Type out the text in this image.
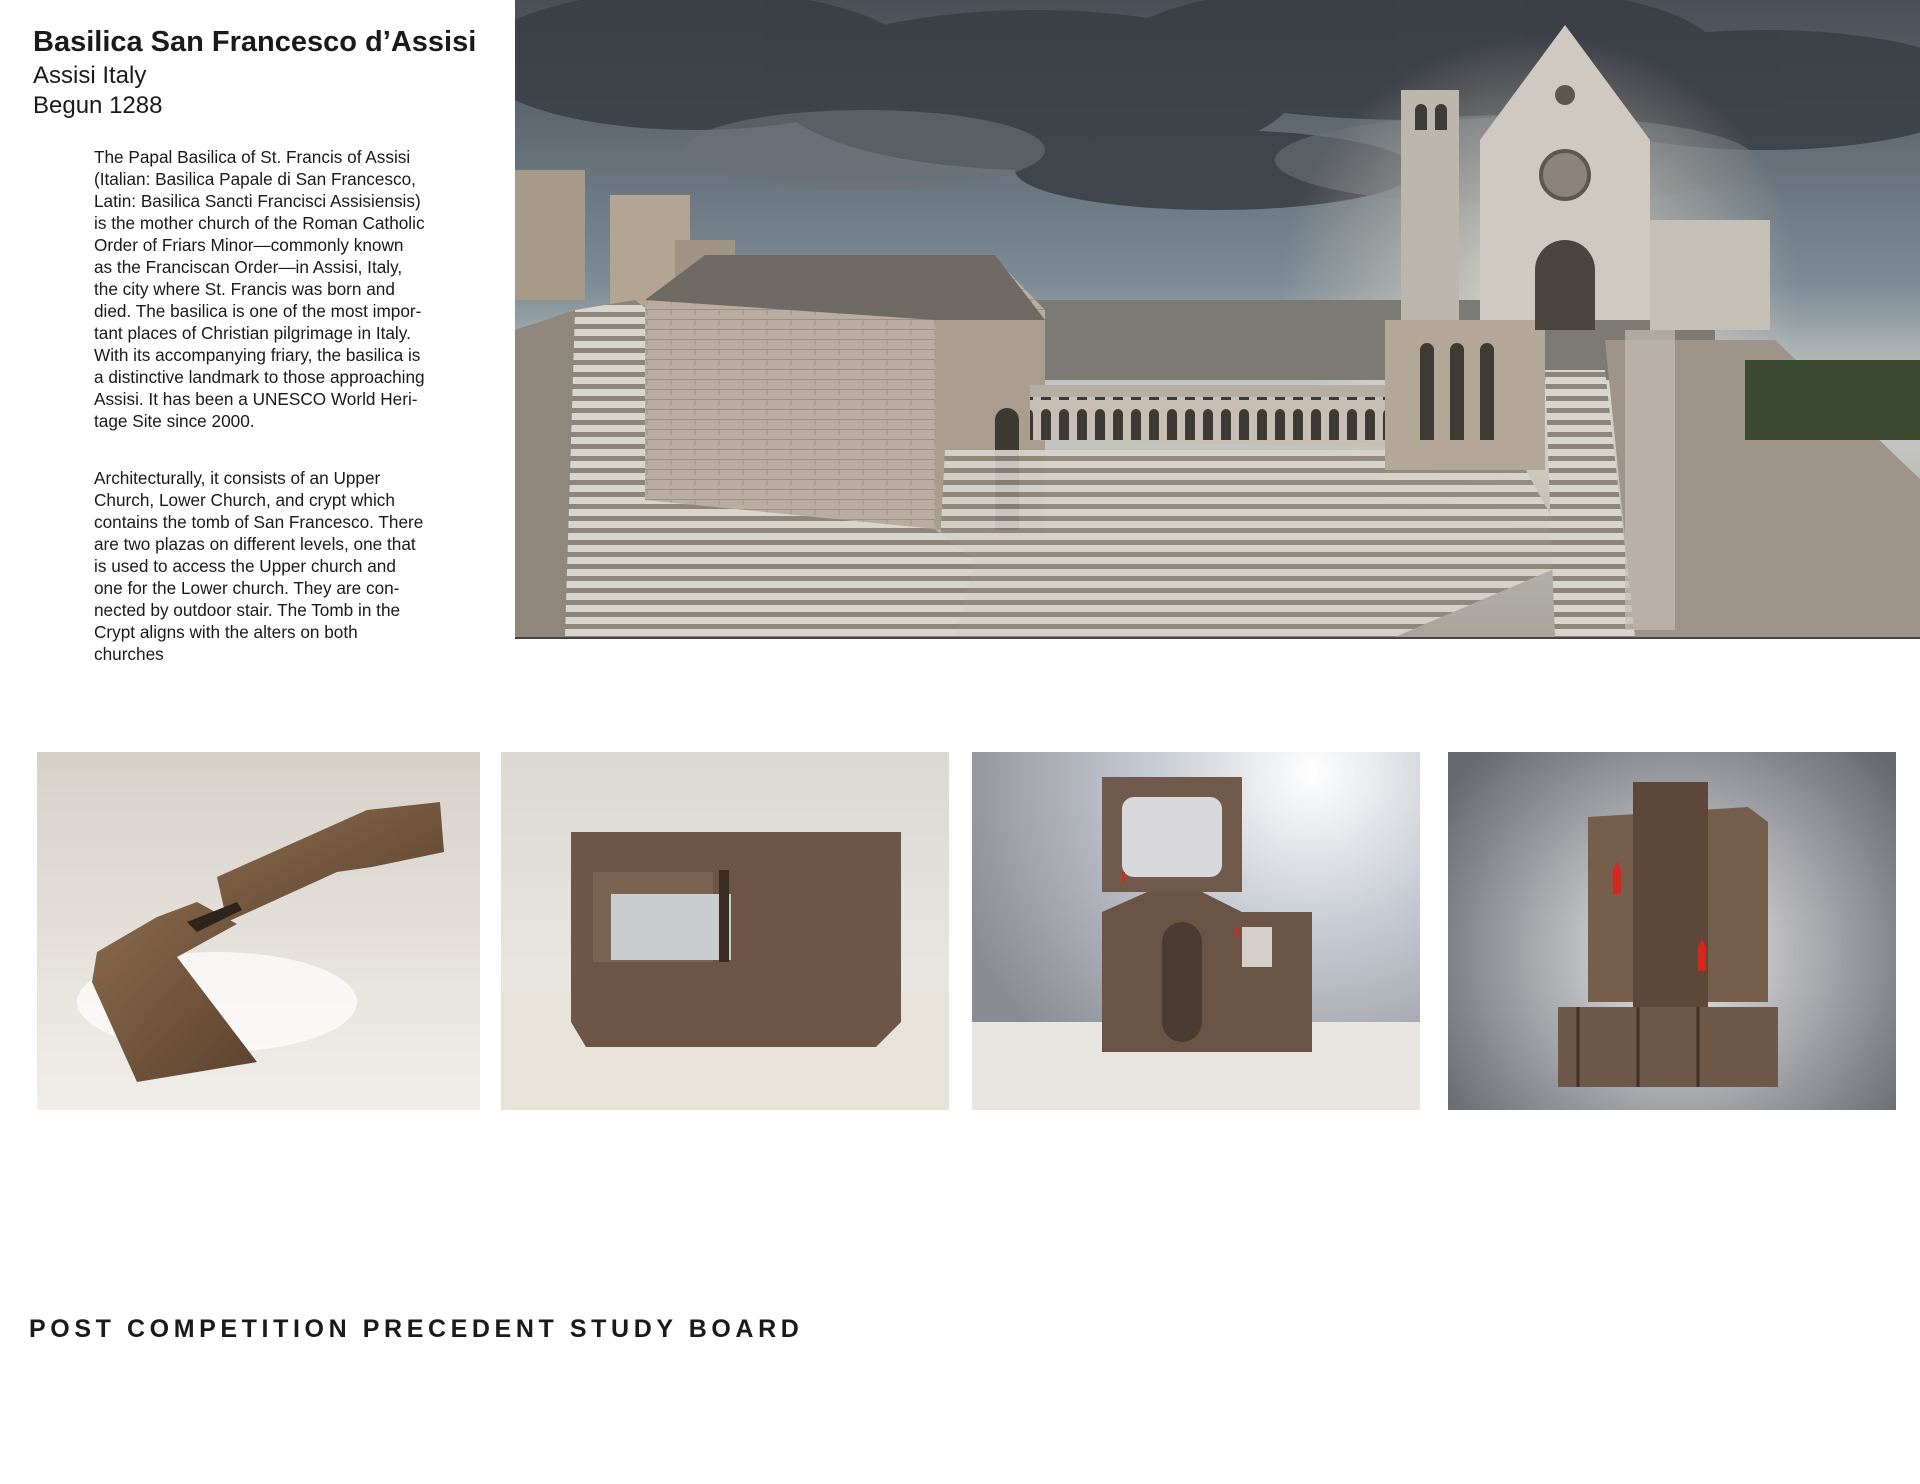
Basilica San Francesco d’Assisi

Assisi Italy

Begun 1288

The Papal Basilica of St. Francis of Assisi
(Italian: Basilica Papale di San Francesco,
Latin: Basilica Sancti Francisci Assisiensis)
is the mother church of the Roman Catholic
Order of Friars Minor—commonly known
as the Franciscan Order—in Assisi, Italy,
the city where St. Francis was born and
died. The basilica is one of the most impor-
tant places of Christian pilgrimage in Italy.
With its accompanying friary, the basilica is
a distinctive landmark to those approaching
Assisi. It has been a UNESCO World Heri-
tage Site since 2000.
Architecturally, it consists of an Upper
Church, Lower Church, and crypt which
contains the tomb of San Francesco. There
are two plazas on different levels, one that
is used to access the Upper church and
one for the Lower church. They are con-
nected by outdoor stair. The Tomb in the
Crypt aligns with the alters on both
churches

POST COMPETITION PRECEDENT STUDY BOARD
